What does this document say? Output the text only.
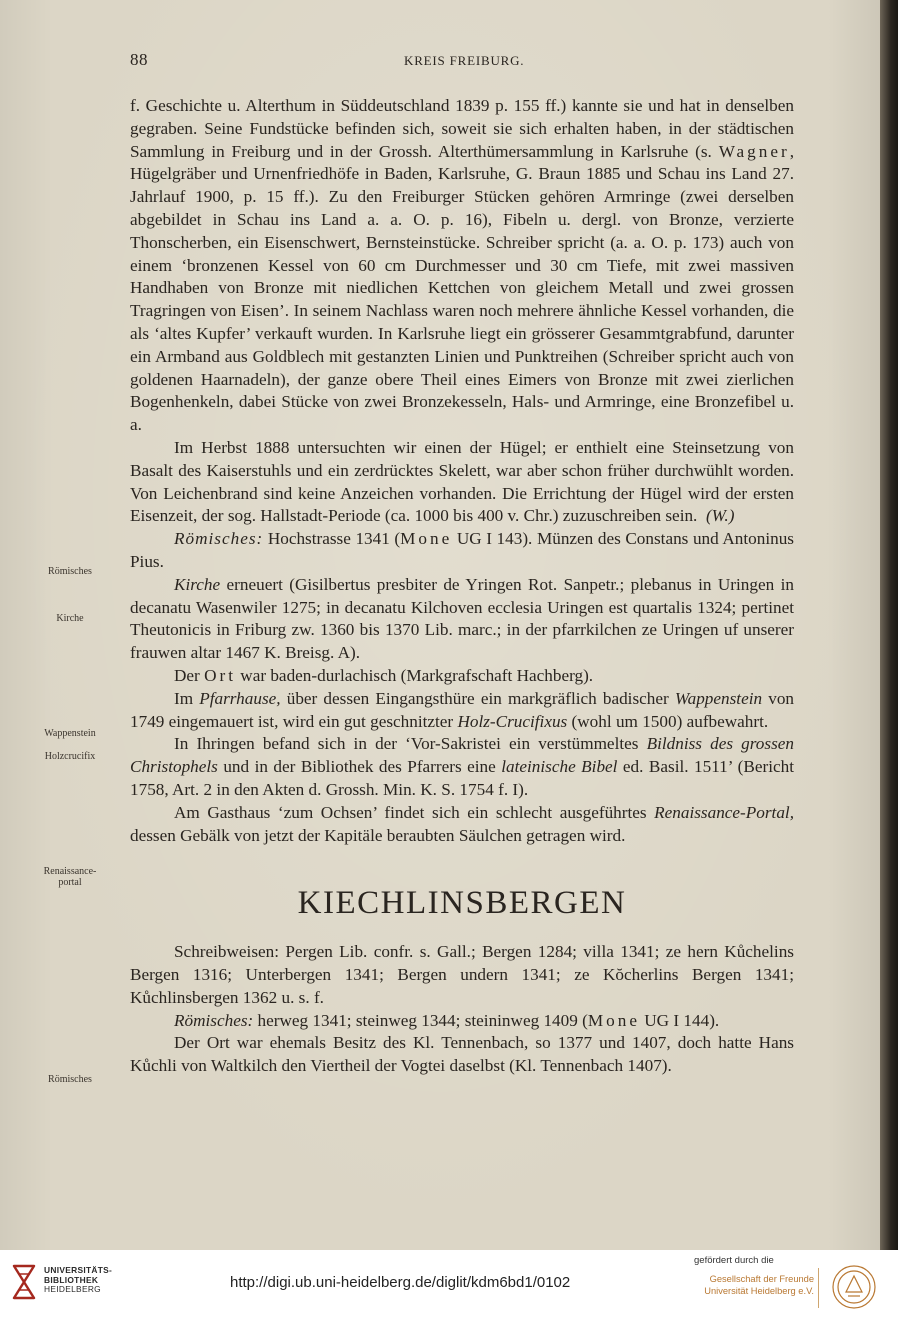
88	KREIS FREIBURG.
Römisches
Kirche
Wappenstein
Holzcrucifix
Renaissance-
portal
Römisches

f. Geschichte u. Alterthum in Süddeutschland 1839 p. 155 ff.) kannte sie und hat in denselben gegraben. Seine Fundstücke befinden sich, soweit sie sich erhalten haben, in der städtischen Sammlung in Freiburg und in der Grossh. Alterthümersammlung in Karlsruhe (s. Wagner, Hügelgräber und Urnenfriedhöfe in Baden, Karlsruhe, G. Braun 1885 und Schau ins Land 27. Jahrlauf 1900, p. 15 ff.). Zu den Freiburger Stücken gehören Armringe (zwei derselben abgebildet in Schau ins Land a. a. O. p. 16), Fibeln u. dergl. von Bronze, verzierte Thonscherben, ein Eisenschwert, Bernsteinstücke. Schreiber spricht (a. a. O. p. 173) auch von einem ‘bronzenen Kessel von 60 cm Durchmesser und 30 cm Tiefe, mit zwei massiven Handhaben von Bronze mit niedlichen Kettchen von gleichem Metall und zwei grossen Tragringen von Eisen’. In seinem Nachlass waren noch mehrere ähnliche Kessel vorhanden, die als ‘altes Kupfer’ verkauft wurden. In Karlsruhe liegt ein grösserer Gesammtgrabfund, darunter ein Armband aus Goldblech mit gestanzten Linien und Punktreihen (Schreiber spricht auch von goldenen Haarnadeln), der ganze obere Theil eines Eimers von Bronze mit zwei zierlichen Bogenhenkeln, dabei Stücke von zwei Bronzekesseln, Hals- und Armringe, eine Bronzefibel u. a.

Im Herbst 1888 untersuchten wir einen der Hügel; er enthielt eine Steinsetzung von Basalt des Kaiserstuhls und ein zerdrücktes Skelett, war aber schon früher durchwühlt worden. Von Leichenbrand sind keine Anzeichen vorhanden. Die Errichtung der Hügel wird der ersten Eisenzeit, der sog. Hallstadt-Periode (ca. 1000 bis 400 v. Chr.) zuzuschreiben sein. (W.)

Römisches: Hochstrasse 1341 (Mone UG I 143). Münzen des Constans und Antoninus Pius.

Kirche erneuert (Gisilbertus presbiter de Yringen Rot. Sanpetr.; plebanus in Uringen in decanatu Wasenwiler 1275; in decanatu Kilchoven ecclesia Uringen est quartalis 1324; pertinet Theutonicis in Friburg zw. 1360 bis 1370 Lib. marc.; in der pfarrkilchen ze Uringen uf unserer frauwen altar 1467 K. Breisg. A).

Der Ort war baden-durlachisch (Markgrafschaft Hachberg).

Im Pfarrhause, über dessen Eingangsthüre ein markgräflich badischer Wappenstein von 1749 eingemauert ist, wird ein gut geschnitzter Holz-Crucifixus (wohl um 1500) aufbewahrt.

In Ihringen befand sich in der ‘Vor-Sakristei ein verstümmeltes Bildniss des grossen Christophels und in der Bibliothek des Pfarrers eine lateinische Bibel ed. Basil. 1511’ (Bericht 1758, Art. 2 in den Akten d. Grossh. Min. K. S. 1754 f. I).

Am Gasthaus ‘zum Ochsen’ findet sich ein schlecht ausgeführtes Renaissance-Portal, dessen Gebälk von jetzt der Kapitäle beraubten Säulchen getragen wird.

KIECHLINSBERGEN

Schreibweisen: Pergen Lib. confr. s. Gall.; Bergen 1284; villa 1341; ze hern Kůchelins Bergen 1316; Unterbergen 1341; Bergen undern 1341; ze Kŏcherlins Bergen 1341; Kůchlinsbergen 1362 u. s. f.

Römisches: herweg 1341; steinweg 1344; steininweg 1409 (Mone UG I 144).

Der Ort war ehemals Besitz des Kl. Tennenbach, so 1377 und 1407, doch hatte Hans Kůchli von Waltkilch den Viertheil der Vogtei daselbst (Kl. Tennenbach 1407).

UNIVERSITÄTS-
BIBLIOTHEK
HEIDELBERG	http://digi.ub.uni-heidelberg.de/diglit/kdm6bd1/0102
gefördert durch die
Gesellschaft der Freunde
Universität Heidelberg e.V.
